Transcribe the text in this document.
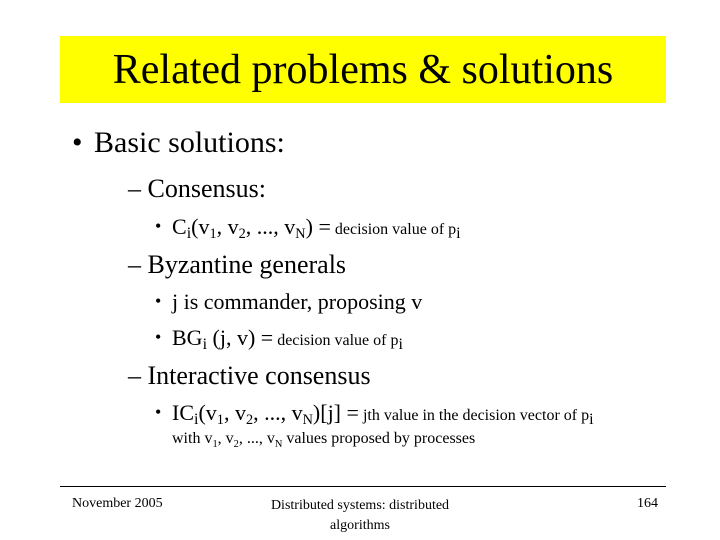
Related problems & solutions
• Basic solutions:
– Consensus:
• $C_i(v_1$, $v_2$, ..., $v_N$) = decision value of $p_i$
– Byzantine generals
• j is commander, proposing v
• $BG_i$ (j, v) = decision value of $p_i$
– Interactive consensus
• $IC_i(v_1$, $v_2$, ..., $v_N)[j]$ = jth value in the decision vector of $p_i$
with $v_1$, $v_2$, ..., $v_N$ values proposed by processes
November 2005	Distributed systems: distributed algorithms
164
